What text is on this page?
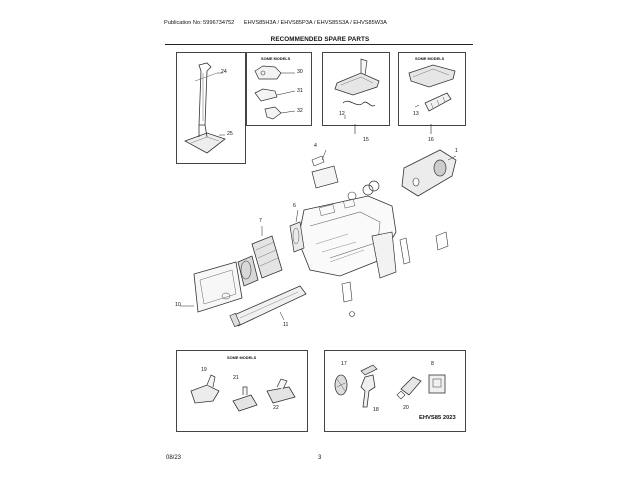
Publication No: 5996734752 EHVS85H3A / EHVS85P3A / EHVS85S3A / EHVS85W3A
RECOMMENDED SPARE PARTS
24
25
SOME MODELS
30
31
32	12
15
SOME MODELS
13
16
4
1
6
7
10
11
SOME MODELS
19
21
22
17
18	20
8
EHVS85 2023
08/23	3
